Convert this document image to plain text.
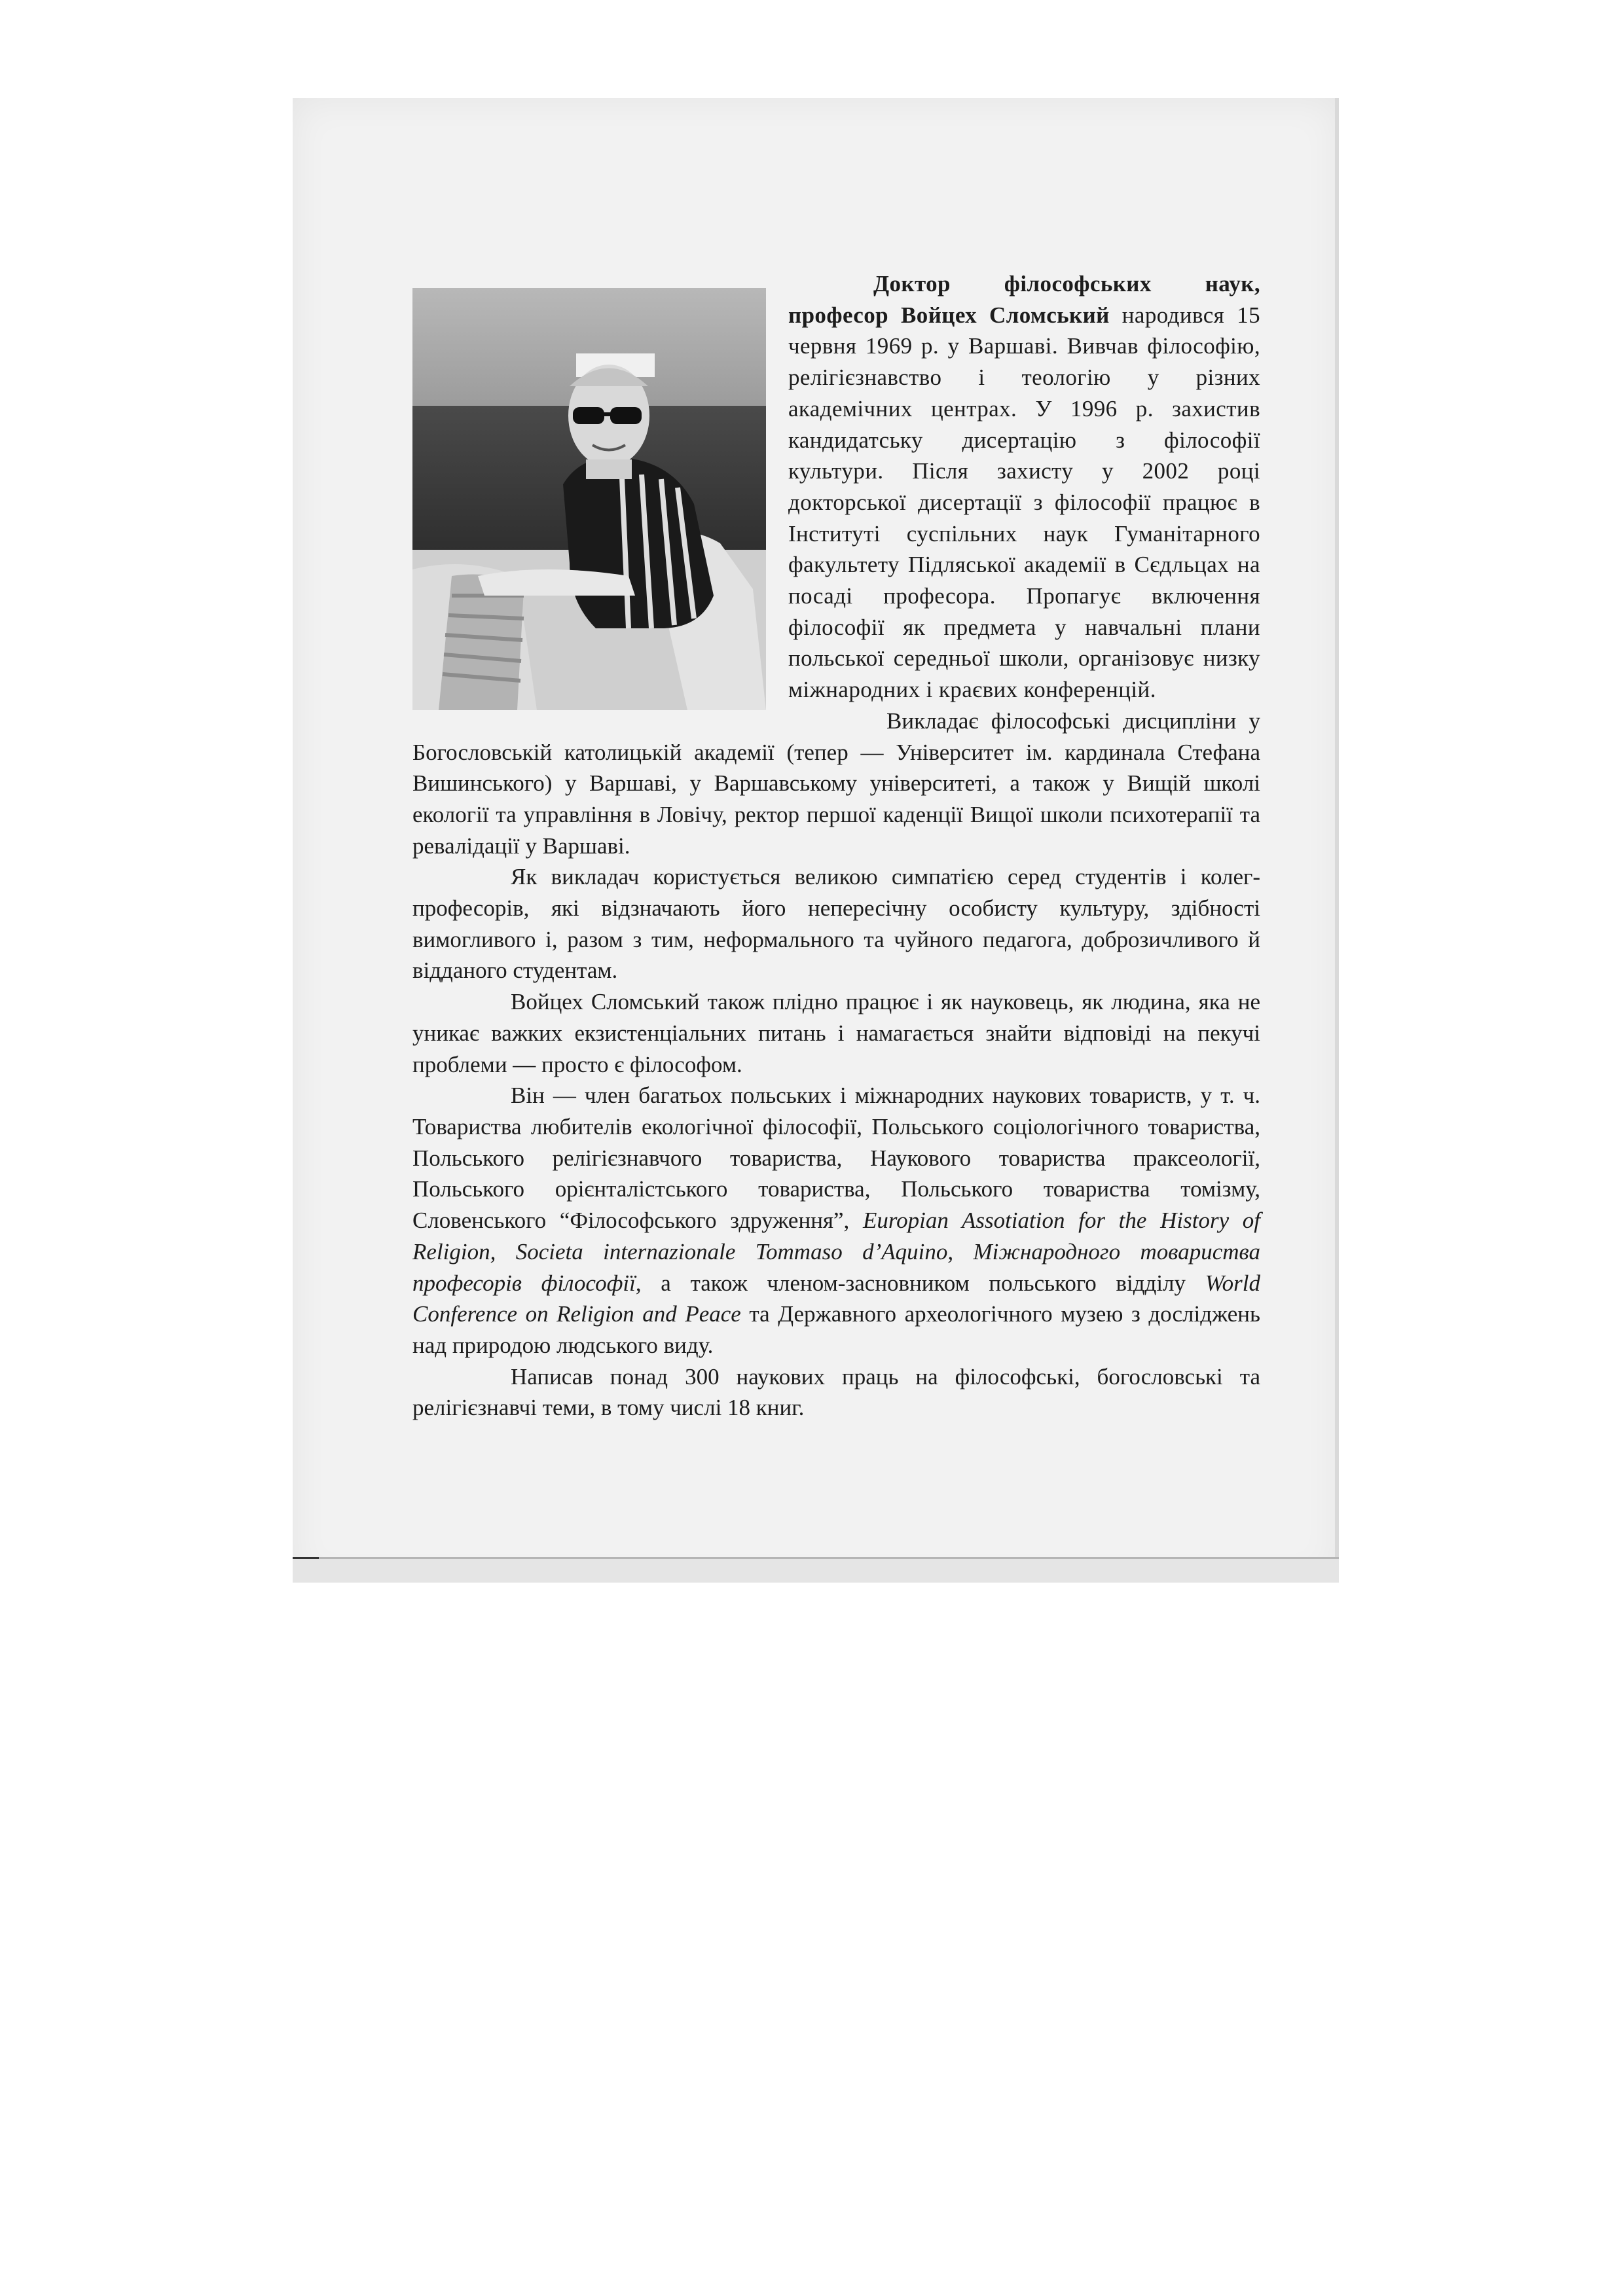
Доктор філософських наук, професор Войцех Сломський народився 15 червня 1969 р. у Варшаві. Вивчав філософію, релігієзнавство і теологію у різних академічних центрах. У 1996 р. захистив кандидатську дисертацію з філософії культури. Після захисту у 2002 році докторської дисертації з філософії працює в Інституті суспільних наук Гуманітарного факультету Підляської академії в Сєдльцах на посаді професора. Пропагує включення філософії як предмета у навчальні плани польської середньої школи, організовує низку міжнародних і краєвих конференцій.

Викладає філософські дисципліни у Богословській католицькій академії (тепер — Університет ім. кардинала Стефана Вишинського) у Варшаві, у Варшавському університеті, а також у Вищій школі екології та управління в Ловічу, ректор першої каденції Вищої школи психотерапії та ревалідації у Варшаві.

Як викладач користується великою симпатією серед студентів і колег-професорів, які відзначають його непересічну особисту культуру, здібності вимогливого і, разом з тим, неформального та чуйного педагога, доброзичливого й відданого студентам.

Войцех Сломський також плідно працює і як науковець, як людина, яка не уникає важких екзистенціальних питань і намагається знайти відповіді на пекучі проблеми — просто є філософом.

Він — член багатьох польських і міжнародних наукових товариств, у т. ч. Товариства любителів екологічної філософії, Польського соціологічного товариства, Польського релігієзнавчого товариства, Наукового товариства праксеології, Польського орієнталістського товариства, Польського товариства томізму, Словенського “Філософського здруження”, Europian Assotiation for the History of Religion, Societa internazionale Tommaso d’Aquino, Міжнародного товариства професорів філософії, а також членом-засновником польського відділу World Conference on Religion and Peace та Державного археологічного музею з досліджень над природою людського виду.

Написав понад 300 наукових праць на філософські, богословські та релігієзнавчі теми, в тому числі 18 книг.
